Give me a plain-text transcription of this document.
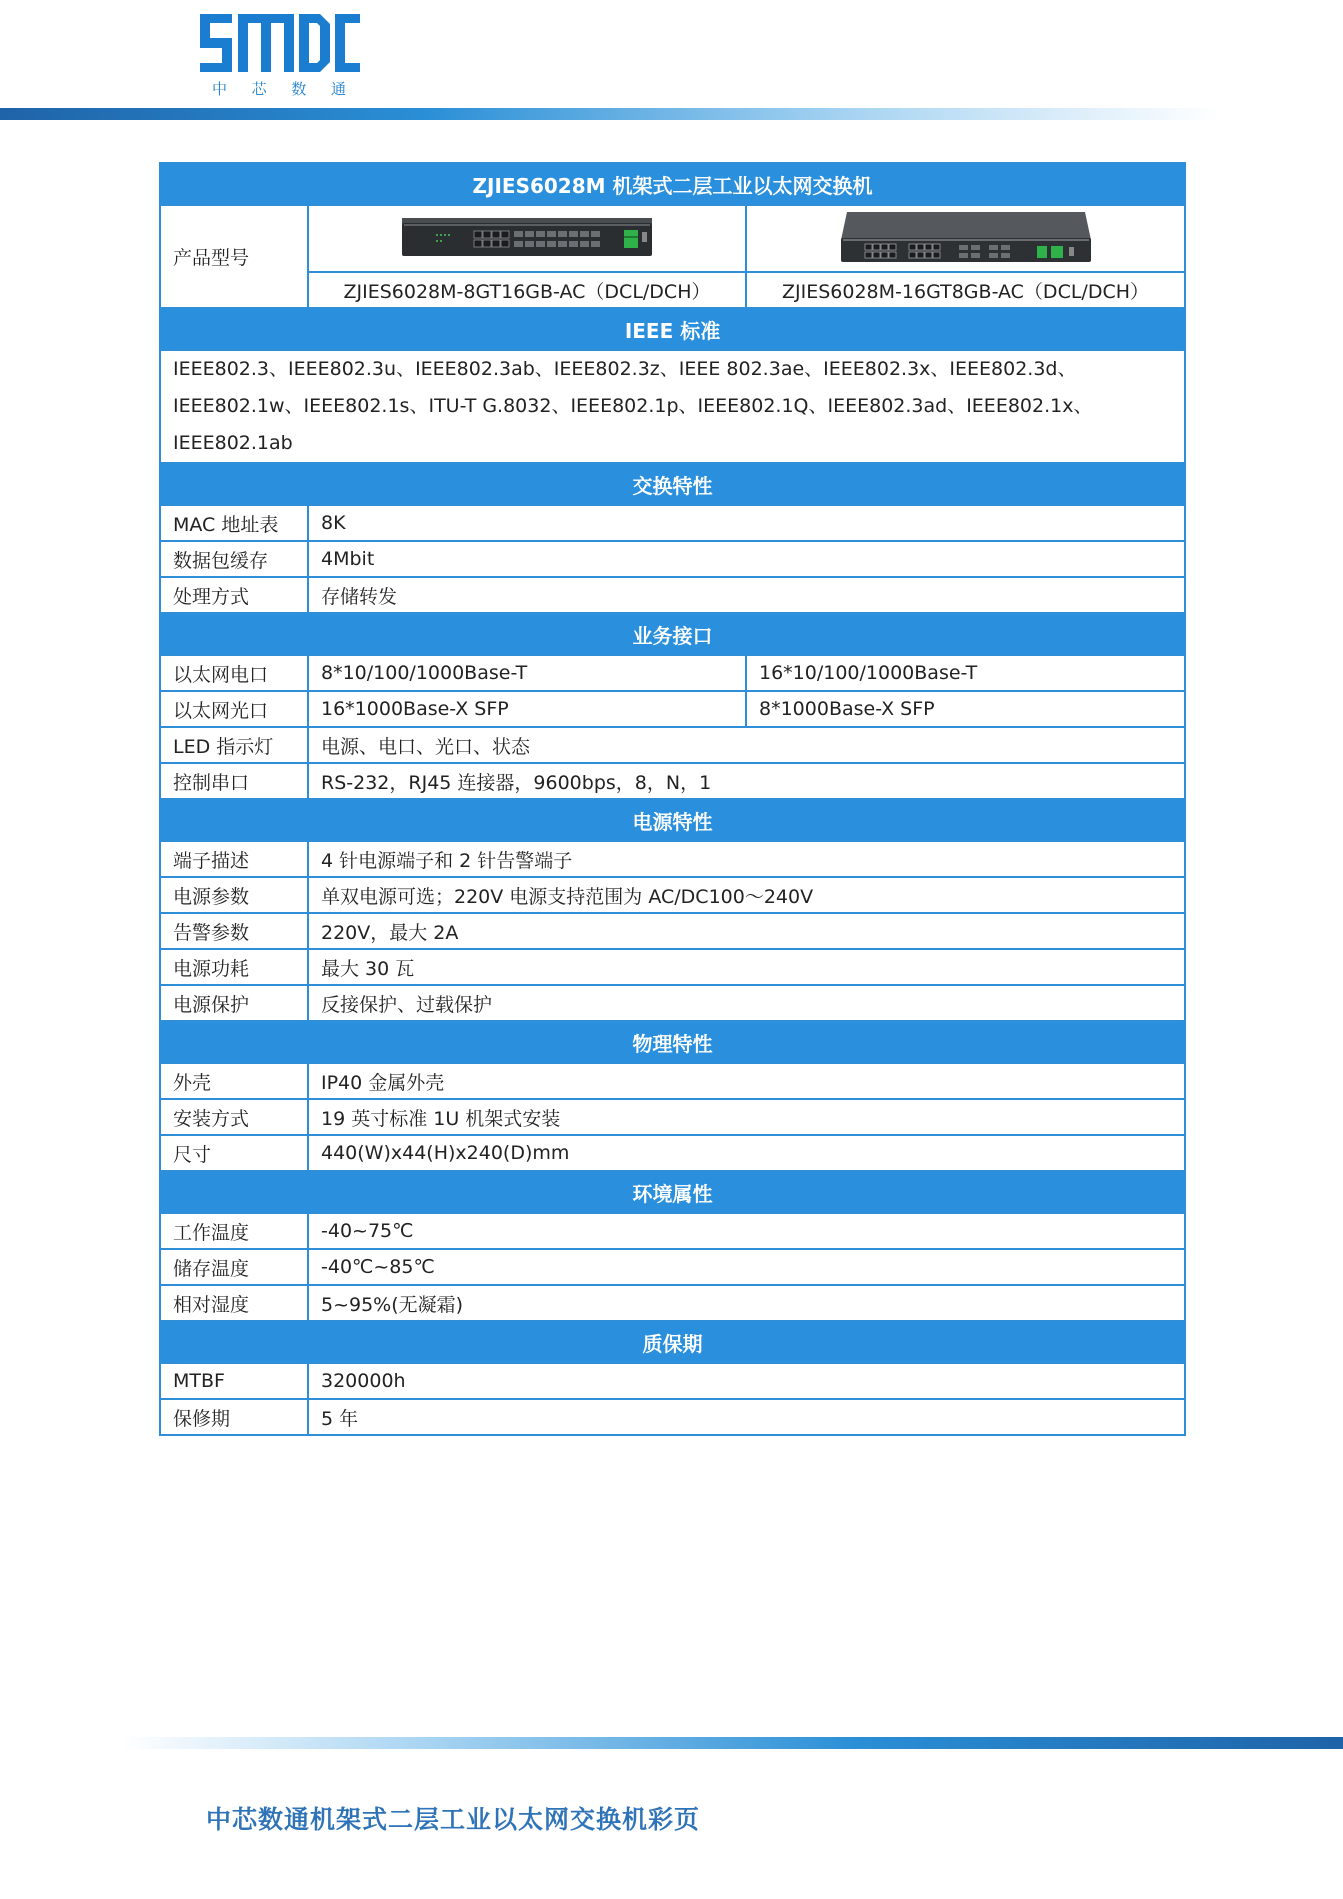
中 芯 数 通
ZJIES6028M 机架式二层工业以太网交换机		
产品型号		
	ZJIES6028M-8GT16GB-AC（DCL/DCH）	ZJIES6028M-16GT8GB-AC（DCL/DCH）
IEEE 标准		

IEEE802.3、IEEE802.3u、IEEE802.3ab、IEEE802.3z、IEEE 802.3ae、IEEE802.3x、IEEE802.3d、
IEEE802.1w、IEEE802.1s、ITU-T G.8032、IEEE802.1p、IEEE802.1Q、IEEE802.3ad、IEEE802.1x、
IEEE802.1ab		

交换特性		
MAC 地址表	8K	
数据包缓存	4Mbit	
处理方式	存储转发	
业务接口		
以太网电口	8*10/100/1000Base-T	16*10/100/1000Base-T
以太网光口	16*1000Base-X SFP	8*1000Base-X SFP
LED 指示灯	电源、电口、光口、状态	
控制串口	RS-232，RJ45 连接器，9600bps，8，N，1	
电源特性		
端子描述	4 针电源端子和 2 针告警端子	
电源参数	单双电源可选；220V 电源支持范围为 AC/DC100～240V	
告警参数	220V，最大 2A	
电源功耗	最大 30 瓦	
电源保护	反接保护、过载保护	
物理特性		
外壳	IP40 金属外壳	
安装方式	19 英寸标准 1U 机架式安装	
尺寸	440(W)x44(H)x240(D)mm	
环境属性		
工作温度	-40~75℃	
储存温度	-40℃~85℃	
相对湿度	5~95%(无凝霜)	
质保期		
MTBF	320000h	
保修期	5 年	
中芯数通机架式二层工业以太网交换机彩页
